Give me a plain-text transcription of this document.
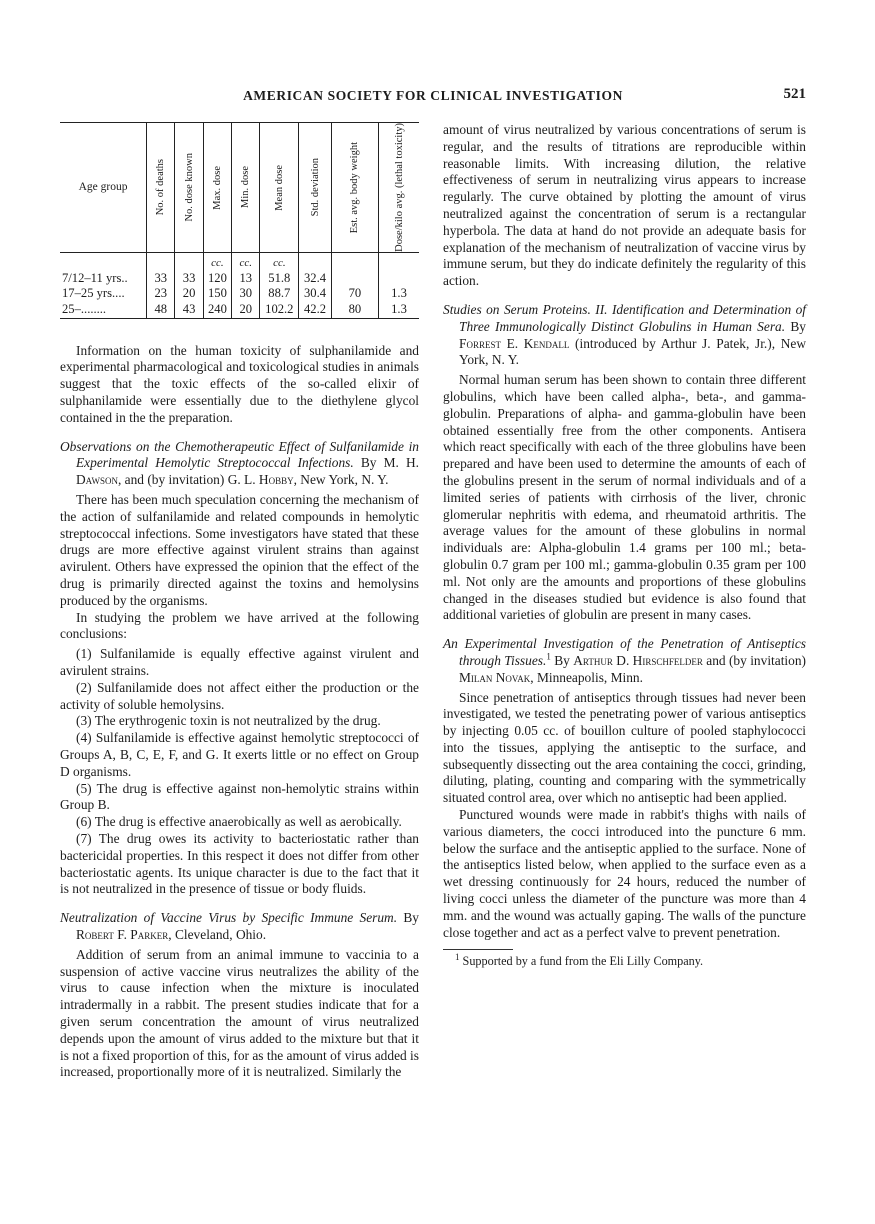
AMERICAN SOCIETY FOR CLINICAL INVESTIGATION	521
Age group	No. of deaths	No. dose known	Max. dose	Min. dose	Mean dose	Std. deviation	Est. avg. body weight	Dose/kilo avg. (lethal toxicity)

			cc.	cc.	cc.			
7/12–11 yrs..	33	33	120	13	51.8	32.4		
17–25 yrs....	23	20	150	30	88.7	30.4	70	1.3
25–........	48	43	240	20	102.2	42.2	80	1.3

Information on the human toxicity of sulphanilamide and experimental pharmacological and toxicological studies in animals suggest that the toxic effects of the so-called elixir of sulphanilamide were essentially due to the diethylene glycol contained in the the preparation.

Observations on the Chemotherapeutic Effect of Sulfanilamide in Experimental Hemolytic Streptococcal Infections. By M. H. Dawson, and (by invitation) G. L. Hobby, New York, N. Y.

There has been much speculation concerning the mechanism of the action of sulfanilamide and related compounds in hemolytic streptococcal infections. Some investigators have stated that these drugs are more effective against virulent strains than against avirulent. Others have expressed the opinion that the effect of the drug is primarily directed against the toxins and hemolysins produced by the organisms.

In studying the problem we have arrived at the following conclusions:

(1) Sulfanilamide is equally effective against virulent and avirulent strains.

(2) Sulfanilamide does not affect either the production or the activity of soluble hemolysins.

(3) The erythrogenic toxin is not neutralized by the drug.

(4) Sulfanilamide is effective against hemolytic streptococci of Groups A, B, C, E, F, and G. It exerts little or no effect on Group D organisms.

(5) The drug is effective against non-hemolytic strains within Group B.

(6) The drug is effective anaerobically as well as aerobically.

(7) The drug owes its activity to bacteriostatic rather than bactericidal properties. In this respect it does not differ from other bacteriostatic agents. Its unique character is due to the fact that it is not neutralized in the presence of tissue or body fluids.

Neutralization of Vaccine Virus by Specific Immune Serum. By Robert F. Parker, Cleveland, Ohio.

Addition of serum from an animal immune to vaccinia to a suspension of active vaccine virus neutralizes the ability of the virus to cause infection when the mixture is inoculated intradermally in a rabbit. The present studies indicate that for a given serum concentration the amount of virus neutralized depends upon the amount of virus added to the mixture but that it is not a fixed proportion of this, for as the amount of virus added is increased, proportionally more of it is neutralized. Similarly the

amount of virus neutralized by various concentrations of serum is regular, and the results of titrations are reproducible within reasonable limits. With increasing dilution, the relative effectiveness of serum in neutralizing virus appears to increase regularly. The curve obtained by plotting the amount of virus neutralized against the concentration of serum is a rectangular hyperbola. The data at hand do not provide an adequate basis for explanation of the mechanism of neutralization of vaccine virus by immune serum, but they do indicate definitely the regularity of this action.

Studies on Serum Proteins. II. Identification and Determination of Three Immunologically Distinct Globulins in Human Sera. By Forrest E. Kendall (introduced by Arthur J. Patek, Jr.), New York, N. Y.

Normal human serum has been shown to contain three different globulins, which have been called alpha-, beta-, and gamma-globulin. Preparations of alpha- and gamma-globulin have been obtained essentially free from the other components. Antisera which react specifically with each of the three globulins have been prepared and have been used to determine the amounts of each of the globulins present in the serum of normal individuals and of a limited series of patients with cirrhosis of the liver, chronic glomerular nephritis with edema, and rheumatoid arthritis. The average values for the amount of these globulins in normal individuals are: Alpha-globulin 1.4 grams per 100 ml.; beta-globulin 0.7 gram per 100 ml.; gamma-globulin 0.35 gram per 100 ml. Not only are the amounts and proportions of these globulins changed in the diseases studied but evidence is also found that additional varieties of globulin are present in many cases.

An Experimental Investigation of the Penetration of Antiseptics through Tissues.$^1$ By Arthur D. Hirschfelder and (by invitation) Milan Novak, Minneapolis, Minn.

Since penetration of antiseptics through tissues had never been investigated, we tested the penetrating power of various antiseptics by injecting 0.05 cc. of bouillon culture of pooled staphylococci into the tissues, applying the antiseptic to the surface, and subsequently dissecting out the area containing the cocci, grinding, diluting, plating, counting and comparing with the symmetrically situated control area, over which no antiseptic had been applied.

Punctured wounds were made in rabbit's thighs with nails of various diameters, the cocci introduced into the puncture 6 mm. below the surface and the antiseptic applied to the surface. None of the antiseptics listed below, when applied to the surface even as a wet dressing continuously for 24 hours, reduced the number of living cocci unless the diameter of the puncture was more than 4 mm. and the wound was actually gaping. The walls of the puncture close together and act as a perfect valve to prevent penetration.

$^1$ Supported by a fund from the Eli Lilly Company.
